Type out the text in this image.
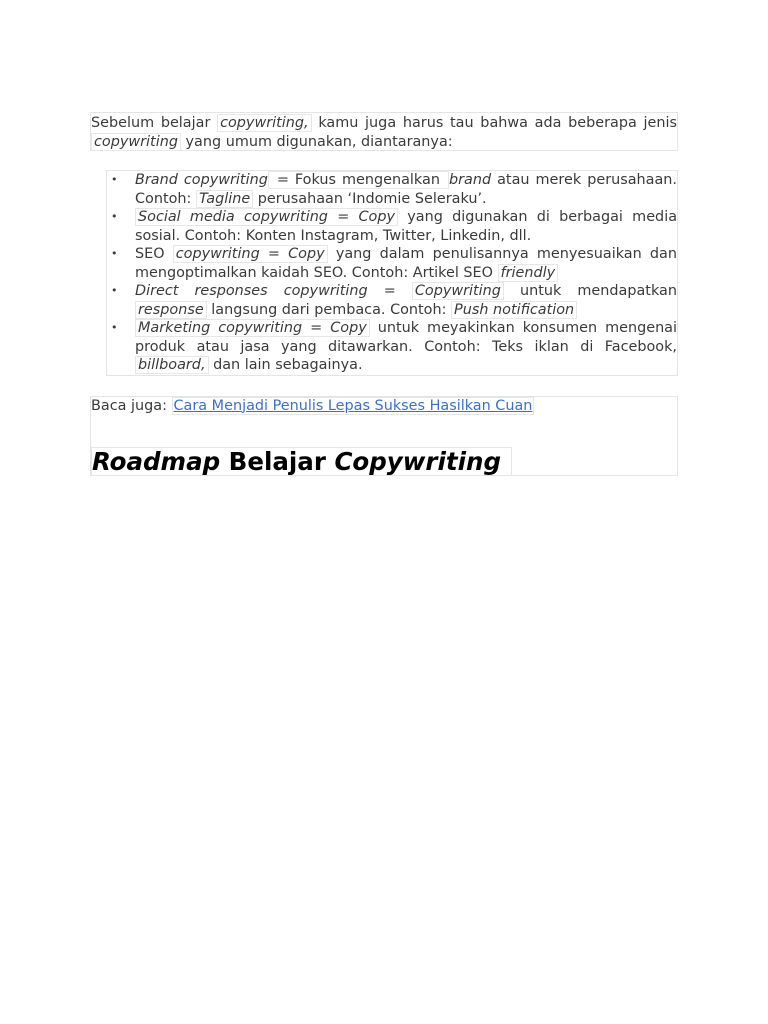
Sebelum belajar copywriting, kamu juga harus tau bahwa ada beberapa jenis copywriting yang umum digunakan, diantaranya:

• Brand copywriting = Fokus mengenalkan brand atau merek perusahaan. Contoh: Tagline perusahaan ‘Indomie Seleraku’.
• Social media copywriting = Copy yang digunakan di berbagai media sosial. Contoh: Konten Instagram, Twitter, Linkedin, dll.
• SEO copywriting = Copy yang dalam penulisannya menyesuaikan dan mengoptimalkan kaidah SEO. Contoh: Artikel SEO friendly
• Direct responses copywriting = Copywriting untuk mendapatkan response langsung dari pembaca. Contoh: Push notification
• Marketing copywriting = Copy untuk meyakinkan konsumen mengenai produk atau jasa yang ditawarkan. Contoh: Teks iklan di Facebook, billboard, dan lain sebagainya.
Baca juga: Cara Menjadi Penulis Lepas Sukses Hasilkan Cuan
Roadmap Belajar Copywriting
